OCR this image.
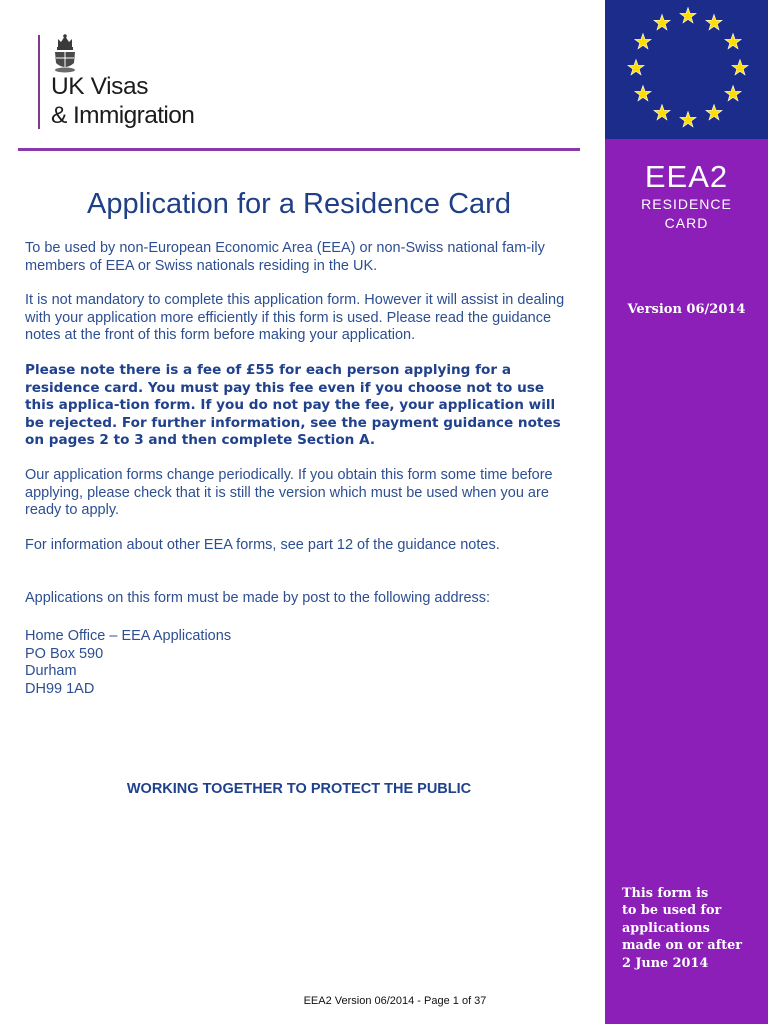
UK Visas
& Immigration
Application for a Residence Card

To be used by non-European Economic Area (EEA) or non-Swiss national fam-ily members of EEA or Swiss nationals residing in the UK.

It is not mandatory to complete this application form. However it will assist in dealing with your application more efficiently if this form is used. Please read the guidance notes at the front of this form before making your application.

Please note there is a fee of £55 for each person applying for a residence card. You must pay this fee even if you choose not to use this applica-tion form. If you do not pay the fee, your application will be rejected. For further information, see the payment guidance notes on pages 2 to 3 and then complete Section A.

Our application forms change periodically. If you obtain this form some time before applying, please check that it is still the version which must be used when you are ready to apply.

For information about other EEA forms, see part 12 of the guidance notes.

Applications on this form must be made by post to the following address:

Home Office – EEA Applications
PO Box 590
Durham
DH99 1AD
WORKING TOGETHER TO PROTECT THE PUBLIC
EEA2 Version 06/2014 - Page 1 of 37
EEA2
RESIDENCE
CARD
Version 06/2014

This form is
to be used for
applications
made on or after
2 June 2014
